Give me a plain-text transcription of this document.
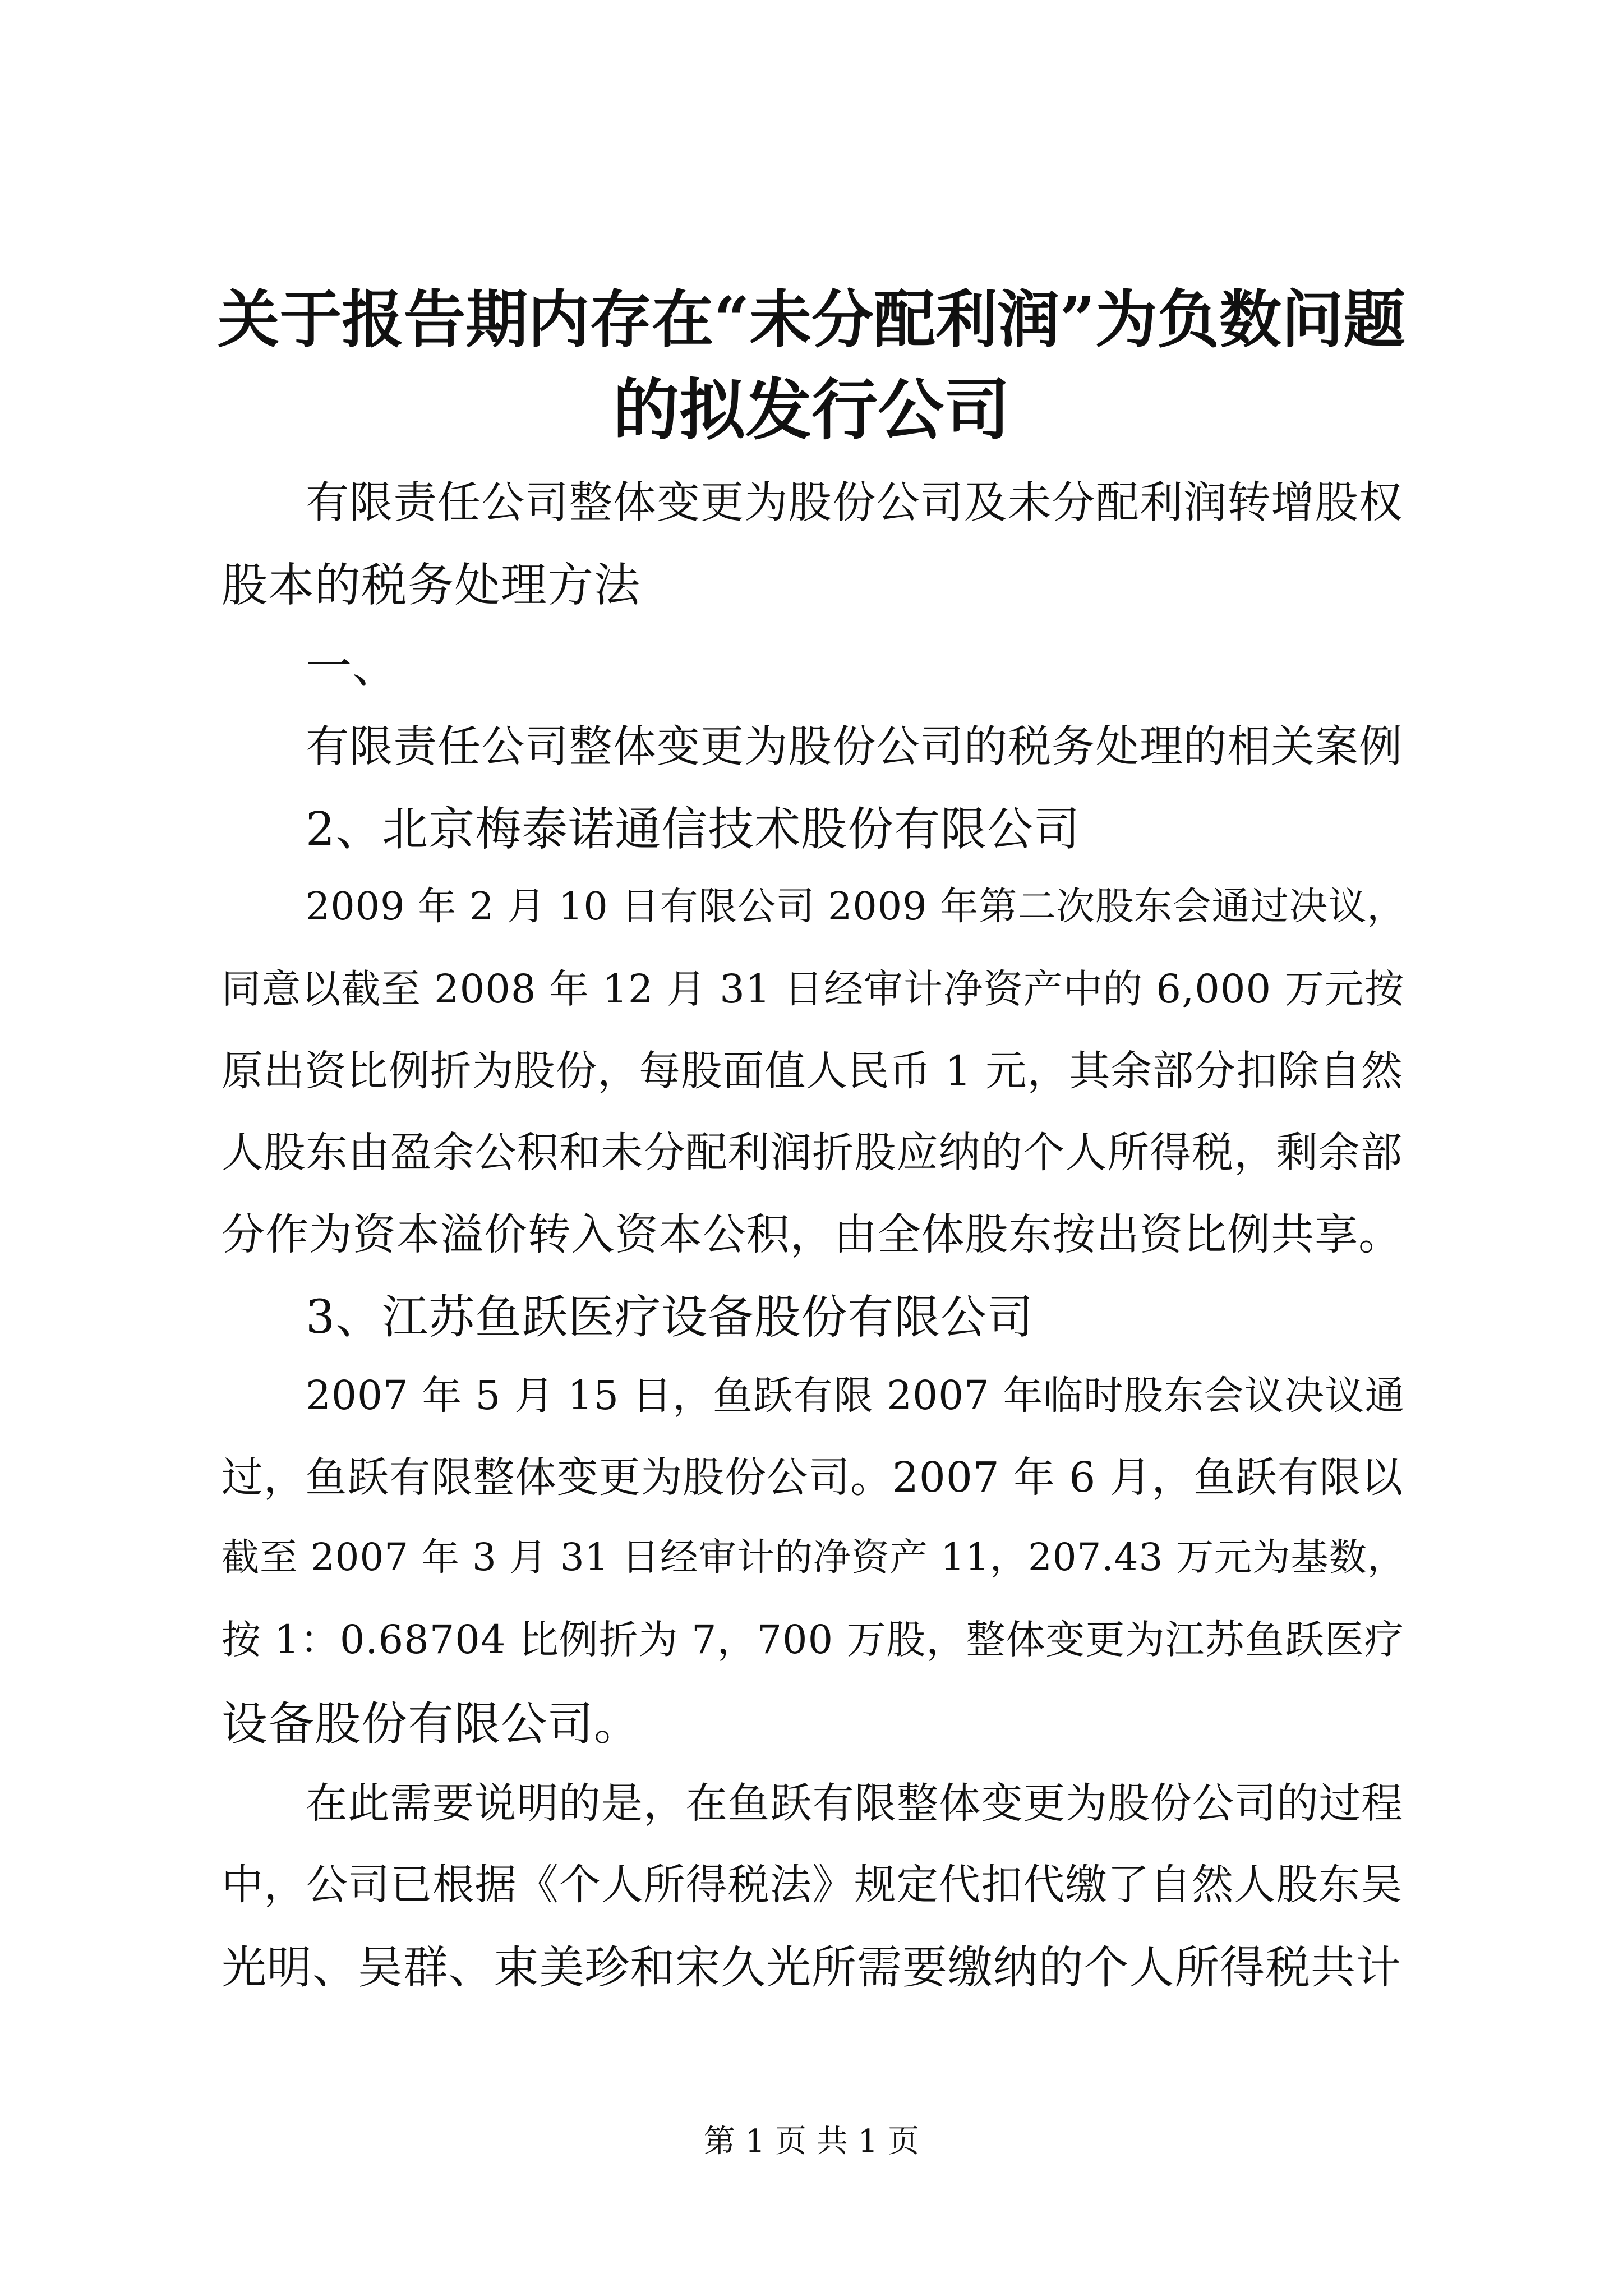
关于报告期内存在“未分配利润”为负数问题
的拟发行公司
有限责任公司整体变更为股份公司及未分配利润转增股权
股本的税务处理方法
一、
有限责任公司整体变更为股份公司的税务处理的相关案例
2、北京梅泰诺通信技术股份有限公司
2009 年 2 月 10 日有限公司 2009 年第二次股东会通过决议，
同意以截至 2008 年 12 月 31 日经审计净资产中的 6,000 万元按
原出资比例折为股份，每股面值人民币 1 元，其余部分扣除自然
人股东由盈余公积和未分配利润折股应纳的个人所得税，剩余部
分作为资本溢价转入资本公积，由全体股东按出资比例共享。
3、江苏鱼跃医疗设备股份有限公司
2007 年 5 月 15 日，鱼跃有限 2007 年临时股东会议决议通
过，鱼跃有限整体变更为股份公司。2007 年 6 月，鱼跃有限以
截至 2007 年 3 月 31 日经审计的净资产 11，207.43 万元为基数，
按 1：0.68704 比例折为 7，700 万股，整体变更为江苏鱼跃医疗
设备股份有限公司。
在此需要说明的是，在鱼跃有限整体变更为股份公司的过程
中，公司已根据《个人所得税法》规定代扣代缴了自然人股东吴
光明、吴群、束美珍和宋久光所需要缴纳的个人所得税共计
第 1 页 共 1 页
